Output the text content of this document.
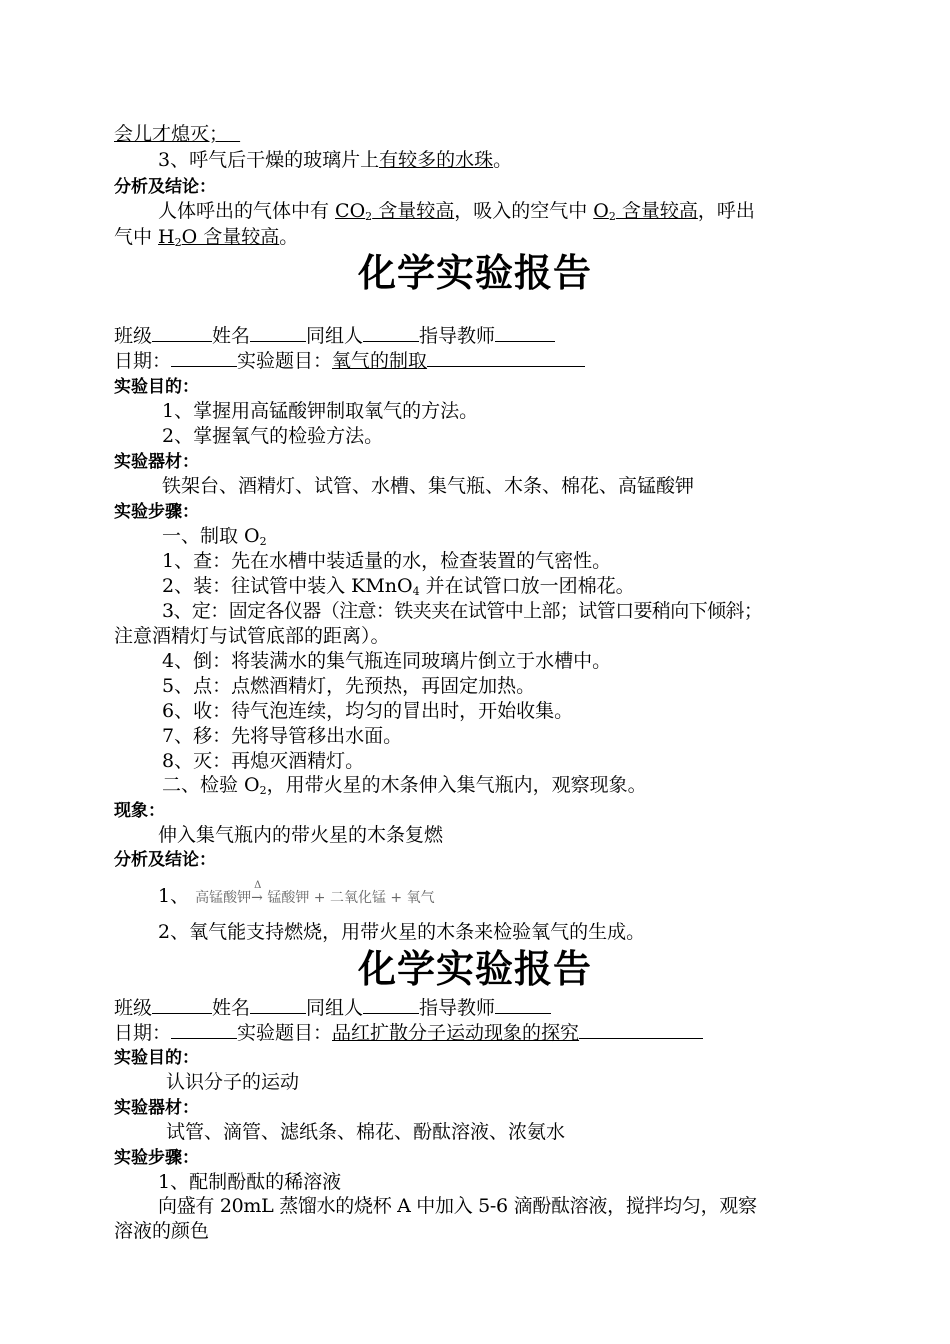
会儿才熄灭；
3、呼气后干燥的玻璃片上有较多的水珠。
分析及结论：
人体呼出的气体中有 $CO_2$ 含量较高，吸入的空气中 $O_2$ 含量较高，呼出
气中 $H_2O$ 含量较高。
化学实验报告
班级	姓名	同组人	指导教师
日期：	实验题目：氧气的制取
实验目的：
1、掌握用高锰酸钾制取氧气的方法。
2、掌握氧气的检验方法。
实验器材：
铁架台、酒精灯、试管、水槽、集气瓶、木条、棉花、高锰酸钾
实验步骤：
一、制取 $O_2$
1、查：先在水槽中装适量的水，检查装置的气密性。
2、装：往试管中装入 KMnO$_4$ 并在试管口放一团棉花。
3、定：固定各仪器（注意：铁夹夹在试管中上部；试管口要稍向下倾斜；
注意酒精灯与试管底部的距离）。
4、倒：将装满水的集气瓶连同玻璃片倒立于水槽中。
5、点：点燃酒精灯，先预热，再固定加热。
6、收：待气泡连续，均匀的冒出时，开始收集。
7、移：先将导管移出水面。
8、灭：再熄灭酒精灯。
二、检验 $O_2$，用带火星的木条伸入集气瓶内，观察现象。
现象：
伸入集气瓶内的带火星的木条复燃
分析及结论：
1、 高锰酸钾
Δ
→ 锰酸钾 + 二氧化锰 + 氧气
2、氧气能支持燃烧，用带火星的木条来检验氧气的生成。
化学实验报告
班级	姓名	同组人	指导教师
日期：	实验题目：品红扩散分子运动现象的探究
实验目的：
认识分子的运动
实验器材：
试管、滴管、滤纸条、棉花、酚酞溶液、浓氨水
实验步骤：
1、配制酚酞的稀溶液
向盛有 20mL 蒸馏水的烧杯 A 中加入 5-6 滴酚酞溶液，搅拌均匀，观察
溶液的颜色
